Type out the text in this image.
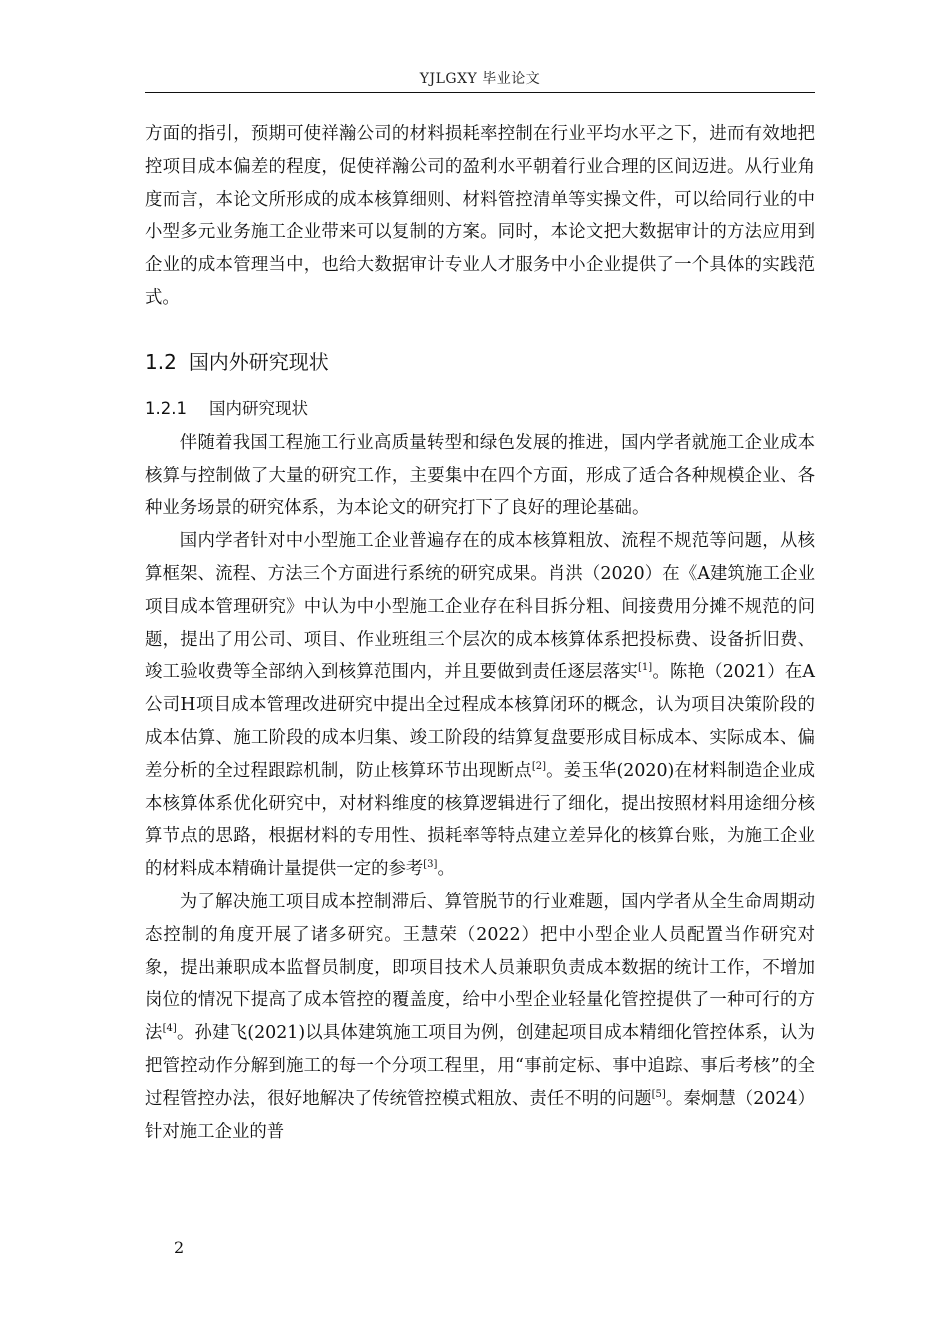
YJLGXY 毕业论文

方面的指引，预期可使祥瀚公司的材料损耗率控制在行业平均水平之下，进而有效地把控项目成本偏差的程度，促使祥瀚公司的盈利水平朝着行业合理的区间迈进。从行业角度而言，本论文所形成的成本核算细则、材料管控清单等实操文件，可以给同行业的中小型多元业务施工企业带来可以复制的方案。同时，本论文把大数据审计的方法应用到企业的成本管理当中，也给大数据审计专业人才服务中小企业提供了一个具体的实践范式。

1.2 国内外研究现状
1.2.1 国内研究现状

伴随着我国工程施工行业高质量转型和绿色发展的推进，国内学者就施工企业成本核算与控制做了大量的研究工作，主要集中在四个方面，形成了适合各种规模企业、各种业务场景的研究体系，为本论文的研究打下了良好的理论基础。

国内学者针对中小型施工企业普遍存在的成本核算粗放、流程不规范等问题，从核算框架、流程、方法三个方面进行系统的研究成果。肖洪（2020）在《A建筑施工企业项目成本管理研究》中认为中小型施工企业存在科目拆分粗、间接费用分摊不规范的问题，提出了用公司、项目、作业班组三个层次的成本核算体系把投标费、设备折旧费、竣工验收费等全部纳入到核算范围内，并且要做到责任逐层落实[1]。陈艳（2021）在A公司H项目成本管理改进研究中提出全过程成本核算闭环的概念，认为项目决策阶段的成本估算、施工阶段的成本归集、竣工阶段的结算复盘要形成目标成本、实际成本、偏差分析的全过程跟踪机制，防止核算环节出现断点[2]。姜玉华(2020)在材料制造企业成本核算体系优化研究中，对材料维度的核算逻辑进行了细化，提出按照材料用途细分核算节点的思路，根据材料的专用性、损耗率等特点建立差异化的核算台账，为施工企业的材料成本精确计量提供一定的参考[3]。

为了解决施工项目成本控制滞后、算管脱节的行业难题，国内学者从全生命周期动态控制的角度开展了诸多研究。王慧荣（2022）把中小型企业人员配置当作研究对象，提出兼职成本监督员制度，即项目技术人员兼职负责成本数据的统计工作，不增加岗位的情况下提高了成本管控的覆盖度，给中小型企业轻量化管控提供了一种可行的方法[4]。孙建飞(2021)以具体建筑施工项目为例，创建起项目成本精细化管控体系，认为把管控动作分解到施工的每一个分项工程里，用“事前定标、事中追踪、事后考核”的全过程管控办法，很好地解决了传统管控模式粗放、责任不明的问题[5]。秦炯慧（2024）针对施工企业的普

2
